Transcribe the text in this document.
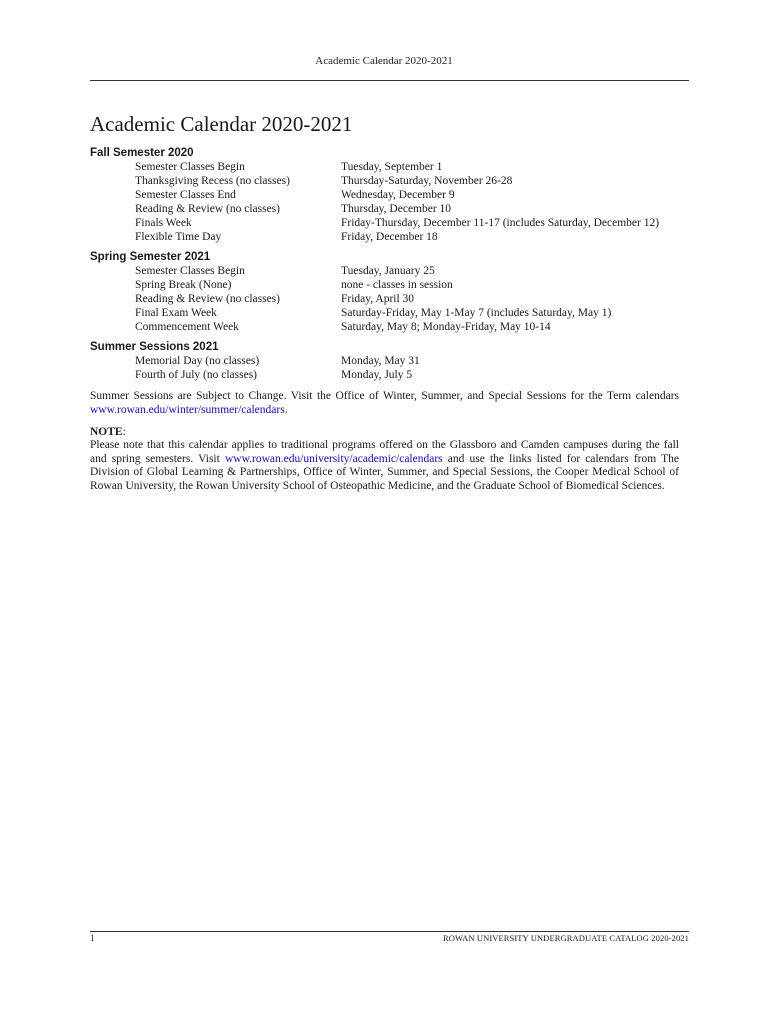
Academic Calendar 2020-2021
Academic Calendar 2020-2021
Fall Semester 2020
Semester Classes Begin	Tuesday, September 1
Thanksgiving Recess (no classes)	Thursday-Saturday, November 26-28
Semester Classes End	Wednesday, December 9
Reading & Review (no classes)	Thursday, December 10
Finals Week	Friday-Thursday, December 11-17 (includes Saturday, December 12)
Flexible Time Day	Friday, December 18
Spring Semester 2021
Semester Classes Begin	Tuesday, January 25
Spring Break (None)	none - classes in session
Reading & Review (no classes)	Friday, April 30
Final Exam Week	Saturday-Friday, May 1-May 7 (includes Saturday, May 1)
Commencement Week	Saturday, May 8; Monday-Friday, May 10-14
Summer Sessions 2021
Memorial Day (no classes)	Monday, May 31
Fourth of July (no classes)	Monday, July 5

Summer Sessions are Subject to Change. Visit the Office of Winter, Summer, and Special Sessions for the Term calendars www.rowan.edu/winter/summer/calendars.

NOTE:

Please note that this calendar applies to traditional programs offered on the Glassboro and Camden campuses during the fall and spring semesters. Visit www.rowan.edu/university/academic/calendars and use the links listed for calendars from The Division of Global Learning & Partnerships, Office of Winter, Summer, and Special Sessions, the Cooper Medical School of Rowan University, the Rowan University School of Osteopathic Medicine, and the Graduate School of Biomedical Sciences.

1	ROWAN UNIVERSITY UNDERGRADUATE CATALOG 2020-2021
